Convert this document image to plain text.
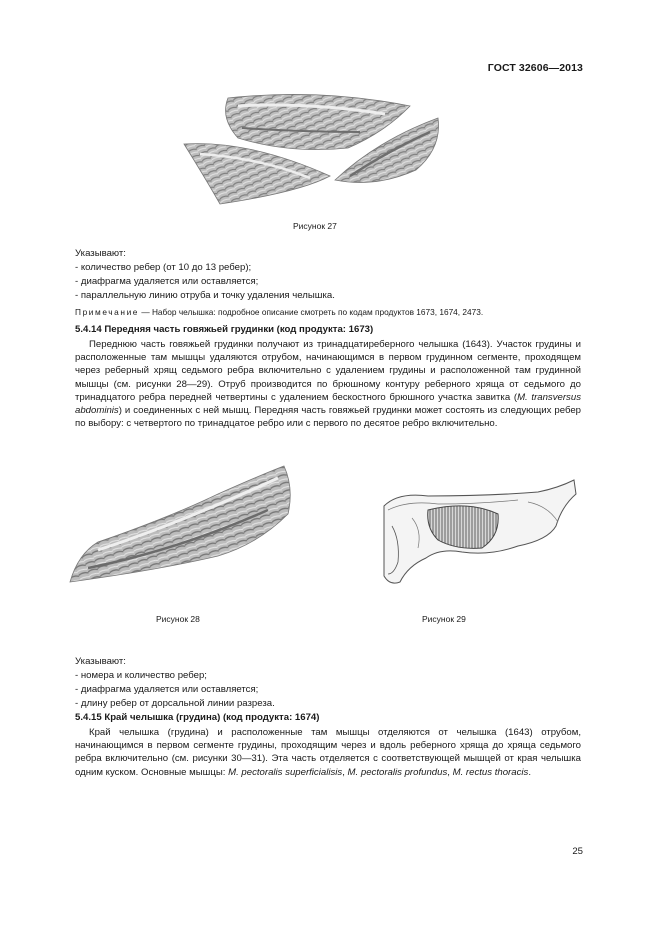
ГОСТ 32606—2013
Рисунок 27
Указывают:
- количество ребер (от 10 до 13 ребер);
- диафрагма удаляется или оставляется;
- параллельную линию отруба и точку удаления челышка.
Примечание — Набор челышка: подробное описание смотреть по кодам продуктов 1673, 1674, 2473.
5.4.14 Передняя часть говяжьей грудинки (код продукта: 1673)
Переднюю часть говяжьей грудинки получают из тринадцатиреберного челышка (1643). Участок грудины и расположенные там мышцы удаляются отрубом, начинающимся в первом грудинном сегменте, проходящем через реберный хрящ седьмого ребра включительно с удалением грудины и расположенной там грудинной мышцы (см. рисунки 28—29). Отруб производится по брюшному контуру реберного хряща от седьмого до тринадцатого ребра передней четвертины с удалением бескостного брюшного участка завитка (M. transversus abdominis) и соединенных с ней мышц. Передняя часть говяжьей грудинки может состоять из следующих ребер по выбору: с четвертого по тринадцатое ребро или с первого по десятое ребро включительно.
Рисунок 28	Рисунок 29
Указывают:
- номера и количество ребер;
- диафрагма удаляется или оставляется;
- длину ребер от дорсальной линии разреза.
5.4.15 Край челышка (грудина) (код продукта: 1674)
Край челышка (грудина) и расположенные там мышцы отделяются от челышка (1643) отрубом, начинающимся в первом сегменте грудины, проходящим через и вдоль реберного хряща до хряща седьмого ребра включительно (см. рисунки 30—31). Эта часть отделяется с соответствующей мышцей от края челышка одним куском. Основные мышцы: M. pectoralis superficialisis, M. pectoralis profundus, M. rectus thoracis.
25
